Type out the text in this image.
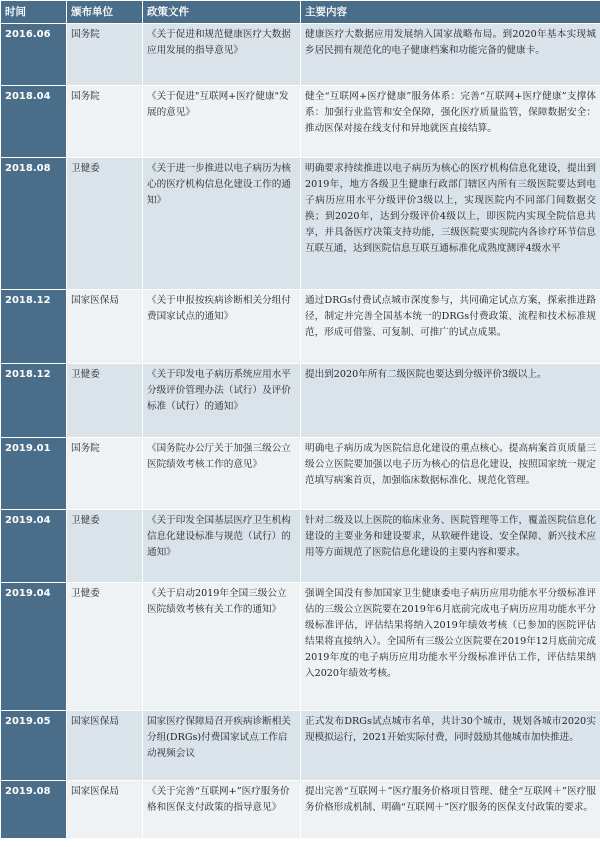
时间	颁布单位	政策文件	主要内容
2016.06	国务院	《关于促进和规范健康医疗大数据应用发展的指导意见》	健康医疗大数据应用发展纳入国家战略布局。到2020年基本实现城乡居民拥有规范化的电子健康档案和功能完备的健康卡。
2018.04	国务院	《关于促进"互联网+医疗健康"发展的意见》	健全“互联网+医疗健康”服务体系：完善“互联网+医疗健康”支撑体系：加强行业监管和安全保障，强化医疗质量监管，保障数据安全：推动医保对接在线支付和异地就医直接结算。
2018.08	卫健委	《关于进一步推进以电子病历为核心的医疗机构信息化建设工作的通知》	明确要求持续推进以电子病历为核心的医疗机构信息化建设，提出到2019年，地方各级卫生健康行政部门辖区内所有三级医院要达到电子病历应用水平分级评价3级以上，实现医院内不同部门间数据交换；到2020年，达到分级评价4级以上，即医院内实现全院信息共享，并具备医疗决策支持功能，三级医院要实现院内各诊疗环节信息互联互通，达到医院信息互联互通标准化成熟度测评4级水平
2018.12	国家医保局	《关于申报按疾病诊断相关分组付费国家试点的通知》	通过DRGs付费试点城市深度参与，共同确定试点方案，探索推进路径，制定并完善全国基本统一的DRGs付费政策、流程和技术标准规范，形成可借鉴、可复制、可推广的试点成果。
2018.12	卫健委	《关于印发电子病历系统应用水平分级评价管理办法（试行）及评价标准（试行）的通知》	提出到2020年所有二级医院也要达到分级评价3级以上。
2019.01	国务院	《国务院办公厅关于加强三级公立医院绩效考核工作的意见》	明确电子病历成为医院信息化建设的重点核心。提高病案首页质量三级公立医院要加强以电子历为核心的信息化建设，按照国家统一规定范填写病案首页，加强临床数据标准化、规范化管理。
2019.04	卫健委	《关于印发全国基层医疗卫生机构信息化建设标准与规范（试行）的通知》	针对二级及以上医院的临床业务、医院管理等工作，覆盖医院信息化建设的主要业务和建设要求，从软硬件建设、安全保障、新兴技术应用等方面规范了医院信息化建设的主要内容和要求。
2019.04	卫健委	《关于启动2019年全国三级公立医院绩效考核有关工作的通知》	强调全国没有参加国家卫生健康委电子病历应用功能水平分级标准评估的三级公立医院要在2019年6月底前完成电子病历应用功能水平分级标准评估，评估结果将纳入2019年绩效考核（已参加的医院评估结果将直接纳入）。全国所有三级公立医院要在2019年12月底前完成2019年度的电子病历应用功能水平分级标准评估工作，评估结果纳入2020年绩效考核。
2019.05	国家医保局	国家医疗保障局召开疾病诊断相关分组(DRGs)付费国家试点工作启动视频会议	正式发布DRGs试点城市名单，共计30个城市，规划各城市2020实现模拟运行，2021开始实际付费，同时鼓励其他城市加快推进。
2019.08	国家医保局	《关于完善“互联网+”医疗服务价格和医保支付政策的指导意见》	提出完善“互联网＋”医疗服务价格项目管理、健全“互联网＋”医疗服务价格形成机制、明确“互联网＋”医疗服务的医保支付政策的要求。
